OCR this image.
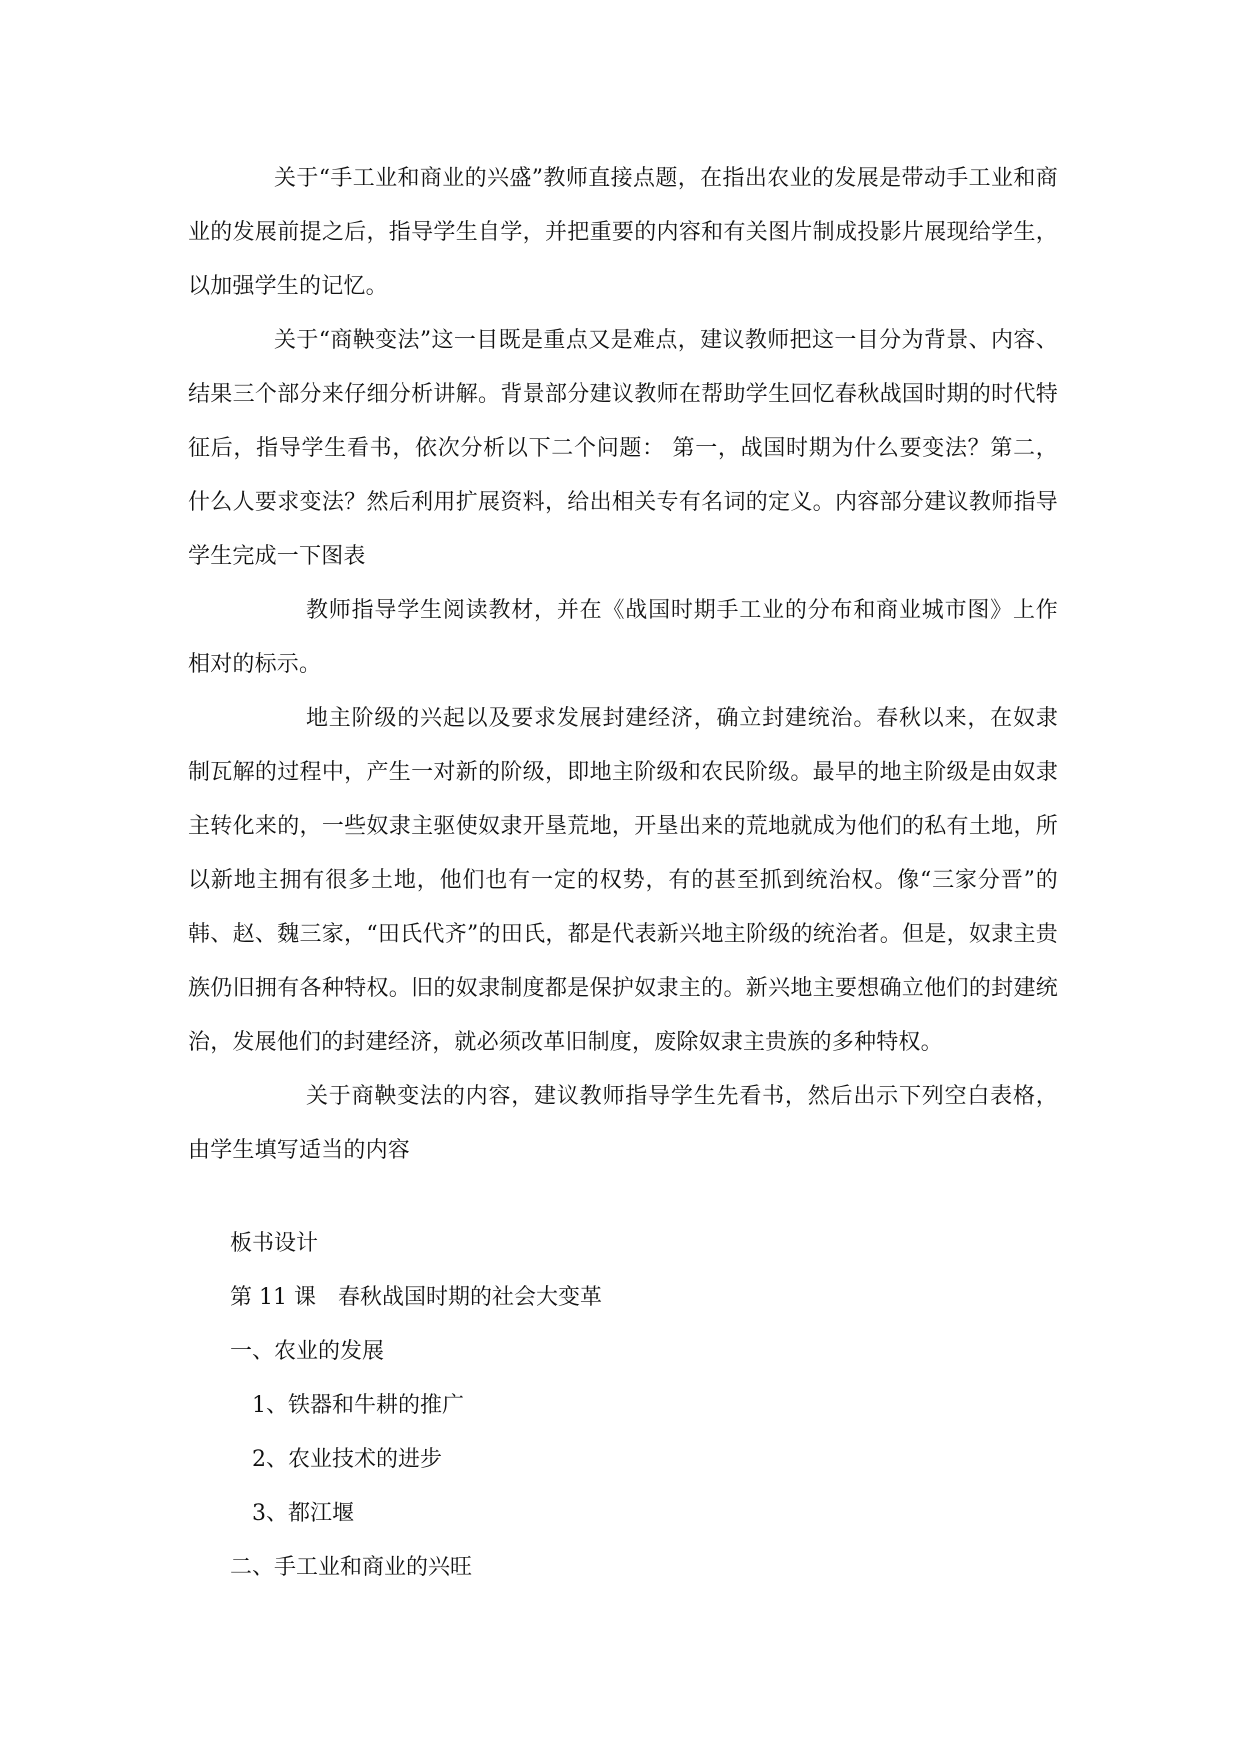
关于“手工业和商业的兴盛”教师直接点题，在指出农业的发展是带动手工业和商业的发展前提之后，指导学生自学，并把重要的内容和有关图片制成投影片展现给学生，以加强学生的记忆。

关于“商鞅变法”这一目既是重点又是难点，建议教师把这一目分为背景、内容、结果三个部分来仔细分析讲解。背景部分建议教师在帮助学生回忆春秋战国时期的时代特征后，指导学生看书，依次分析以下二个问题： 第一，战国时期为什么要变法？第二，什么人要求变法？然后利用扩展资料，给出相关专有名词的定义。内容部分建议教师指导学生完成一下图表

教师指导学生阅读教材，并在《战国时期手工业的分布和商业城市图》上作相对的标示。

地主阶级的兴起以及要求发展封建经济，确立封建统治。春秋以来，在奴隶制瓦解的过程中，产生一对新的阶级，即地主阶级和农民阶级。最早的地主阶级是由奴隶主转化来的，一些奴隶主驱使奴隶开垦荒地，开垦出来的荒地就成为他们的私有土地，所以新地主拥有很多土地，他们也有一定的权势，有的甚至抓到统治权。像“三家分晋”的韩、赵、魏三家，“田氏代齐”的田氏，都是代表新兴地主阶级的统治者。但是，奴隶主贵族仍旧拥有各种特权。旧的奴隶制度都是保护奴隶主的。新兴地主要想确立他们的封建统治，发展他们的封建经济，就必须改革旧制度，废除奴隶主贵族的多种特权。

关于商鞅变法的内容，建议教师指导学生先看书，然后出示下列空白表格，由学生填写适当的内容

板书设计
第 11 课　春秋战国时期的社会大变革
一、农业的发展
1、铁器和牛耕的推广
2、农业技术的进步
3、都江堰
二、手工业和商业的兴旺
